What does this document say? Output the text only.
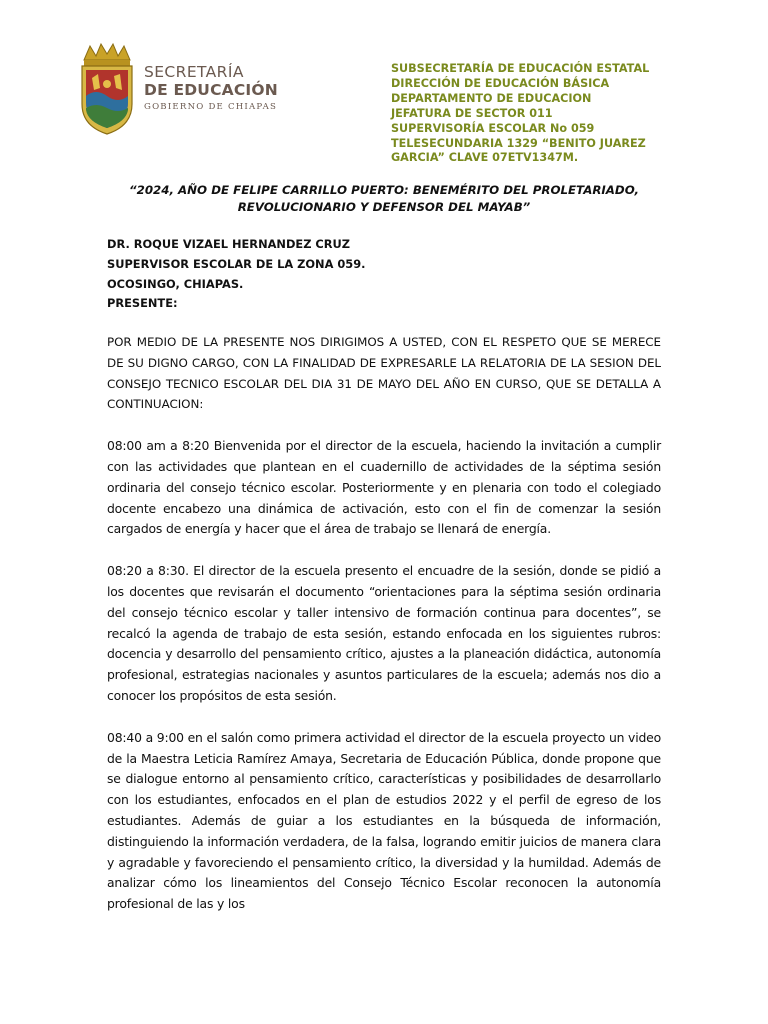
SECRETARÍA
DE EDUCACIÓN
GOBIERNO DE CHIAPAS
SUBSECRETARÍA DE EDUCACIÓN ESTATAL
DIRECCIÓN DE EDUCACIÓN BÁSICA
DEPARTAMENTO DE EDUCACION
JEFATURA DE SECTOR 011
SUPERVISORÍA ESCOLAR No 059
TELESECUNDARIA 1329 “BENITO JUAREZ
GARCIA” CLAVE 07ETV1347M.
“2024, AÑO DE FELIPE CARRILLO PUERTO: BENEMÉRITO DEL PROLETARIADO,
REVOLUCIONARIO Y DEFENSOR DEL MAYAB”
DR. ROQUE VIZAEL HERNANDEZ CRUZ
SUPERVISOR ESCOLAR DE LA ZONA 059.
OCOSINGO, CHIAPAS.
PRESENTE:

POR MEDIO DE LA PRESENTE NOS DIRIGIMOS A USTED, CON EL RESPETO QUE SE MERECE DE SU DIGNO CARGO, CON LA FINALIDAD DE EXPRESARLE LA RELATORIA DE LA SESION DEL CONSEJO TECNICO ESCOLAR DEL DIA 31 DE MAYO DEL AÑO EN CURSO, QUE SE DETALLA A CONTINUACION:

08:00 am a 8:20 Bienvenida por el director de la escuela, haciendo la invitación a cumplir con las actividades que plantean en el cuadernillo de actividades de la séptima sesión ordinaria del consejo técnico escolar. Posteriormente y en plenaria con todo el colegiado docente encabezo una dinámica de activación, esto con el fin de comenzar la sesión cargados de energía y hacer que el área de trabajo se llenará de energía.

08:20 a 8:30. El director de la escuela presento el encuadre de la sesión, donde se pidió a los docentes que revisarán el documento “orientaciones para la séptima sesión ordinaria del consejo técnico escolar y taller intensivo de formación continua para docentes”, se recalcó la agenda de trabajo de esta sesión, estando enfocada en los siguientes rubros: docencia y desarrollo del pensamiento crítico, ajustes a la planeación didáctica, autonomía profesional, estrategias nacionales y asuntos particulares de la escuela; además nos dio a conocer los propósitos de esta sesión.

08:40 a 9:00 en el salón como primera actividad el director de la escuela proyecto un video de la Maestra Leticia Ramírez Amaya, Secretaria de Educación Pública, donde propone que se dialogue entorno al pensamiento crítico, características y posibilidades de desarrollarlo con los estudiantes, enfocados en el plan de estudios 2022 y el perfil de egreso de los estudiantes. Además de guiar a los estudiantes en la búsqueda de información, distinguiendo la información verdadera, de la falsa, logrando emitir juicios de manera clara y agradable y favoreciendo el pensamiento crítico, la diversidad y la humildad. Además de analizar cómo los lineamientos del Consejo Técnico Escolar reconocen la autonomía profesional de las y los
